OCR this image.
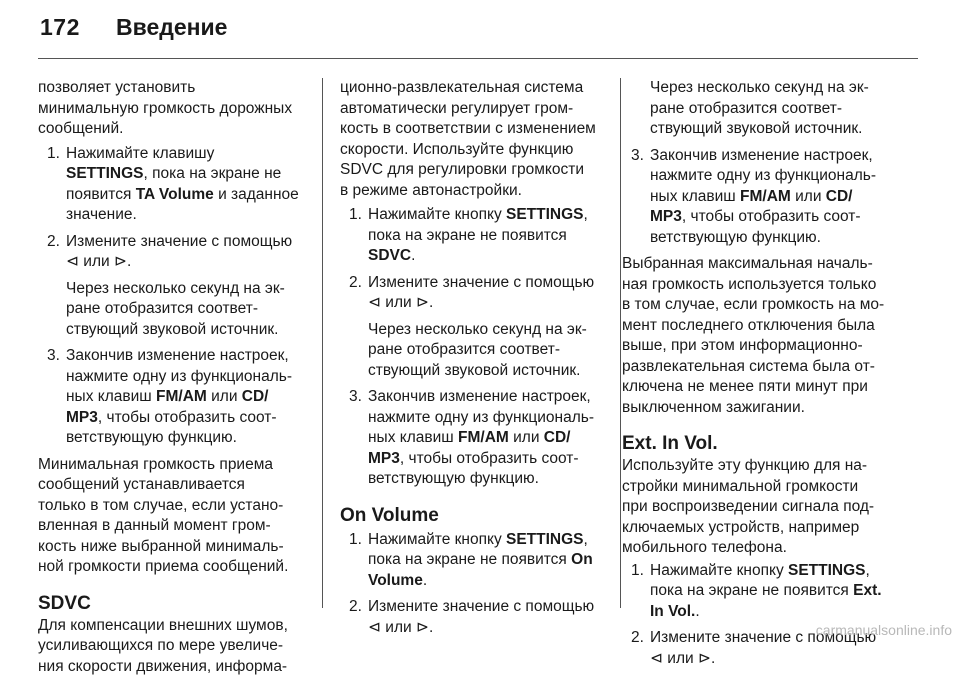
172 Введение

позволяет установить

минимальную громкость дорожных

сообщений.

1. Нажимайте клавишу

SETTINGS, пока на экране не

появится TA Volume и заданное

значение.

2. Измените значение с помощью

⊲ или ⊳.

Через несколько секунд на эк-

ране отобразится соответ-

ствующий звуковой источник.

3. Закончив изменение настроек,

нажмите одну из функциональ-

ных клавиш FM/AM или CD/

MP3, чтобы отобразить соот-

ветствующую функцию.

Минимальная громкость приема

сообщений устанавливается

только в том случае, если устано-

вленная в данный момент гром-

кость ниже выбранной минималь-

ной громкости приема сообщений.

SDVC

Для компенсации внешних шумов,

усиливающихся по мере увеличе-

ния скорости движения, информа-

ционно-развлекательная система

автоматически регулирует гром-

кость в соответствии с изменением

скорости. Используйте функцию

SDVC для регулировки громкости

в режиме автонастройки.

1. Нажимайте кнопку SETTINGS,

пока на экране не появится

SDVC.

2. Измените значение с помощью

⊲ или ⊳.

Через несколько секунд на эк-

ране отобразится соответ-

ствующий звуковой источник.

3. Закончив изменение настроек,

нажмите одну из функциональ-

ных клавиш FM/AM или CD/

MP3, чтобы отобразить соот-

ветствующую функцию.

On Volume
1. Нажимайте кнопку SETTINGS,

пока на экране не появится On

Volume.

2. Измените значение с помощью

⊲ или ⊳.

Через несколько секунд на эк-

ране отобразится соответ-

ствующий звуковой источник.

3. Закончив изменение настроек,

нажмите одну из функциональ-

ных клавиш FM/AM или CD/

MP3, чтобы отобразить соот-

ветствующую функцию.

Выбранная максимальная началь-

ная громкость используется только

в том случае, если громкость на мо-

мент последнего отключения была

выше, при этом информационно-

развлекательная система была от-

ключена не менее пяти минут при

выключенном зажигании.

Ext. In Vol.

Используйте эту функцию для на-

стройки минимальной громкости

при воспроизведении сигнала под-

ключаемых устройств, например

мобильного телефона.

1. Нажимайте кнопку SETTINGS,

пока на экране не появится Ext.

In Vol..

2. Измените значение с помощью

⊲ или ⊳.

carmanualsonline.info
